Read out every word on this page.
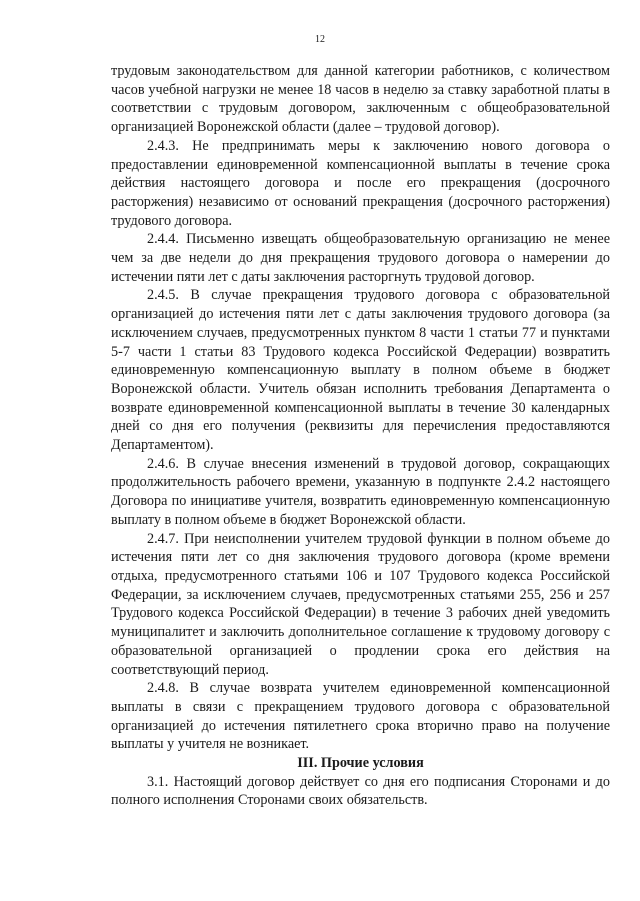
12

трудовым законодательством для данной категории работников, с количеством часов учебной нагрузки не менее 18 часов в неделю за ставку заработной платы в соответствии с трудовым договором, заключенным с общеобразовательной организацией Воронежской области (далее – трудовой договор).

2.4.3. Не предпринимать меры к заключению нового договора о предоставлении единовременной компенсационной выплаты в течение срока действия настоящего договора и после его прекращения (досрочного расторжения) независимо от оснований прекращения (досрочного расторжения) трудового договора.

2.4.4. Письменно извещать общеобразовательную организацию не менее чем за две недели до дня прекращения трудового договора о намерении до истечении пяти лет с даты заключения расторгнуть трудовой договор.

2.4.5. В случае прекращения трудового договора с образовательной организацией до истечения пяти лет с даты заключения трудового договора (за исключением случаев, предусмотренных пунктом 8 части 1 статьи 77 и пунктами 5-7 части 1 статьи 83 Трудового кодекса Российской Федерации) возвратить единовременную компенсационную выплату в полном объеме в бюджет Воронежской области. Учитель обязан исполнить требования Департамента о возврате единовременной компенсационной выплаты в течение 30 календарных дней со дня его получения (реквизиты для перечисления предоставляются Департаментом).

2.4.6. В случае внесения изменений в трудовой договор, сокращающих продолжительность рабочего времени, указанную в подпункте 2.4.2 настоящего Договора по инициативе учителя, возвратить единовременную компенсационную выплату в полном объеме в бюджет Воронежской области.

2.4.7. При неисполнении учителем трудовой функции в полном объеме до истечения пяти лет со дня заключения трудового договора (кроме времени отдыха, предусмотренного статьями 106 и 107 Трудового кодекса Российской Федерации, за исключением случаев, предусмотренных статьями 255, 256 и 257 Трудового кодекса Российской Федерации) в течение 3 рабочих дней уведомить муниципалитет и заключить дополнительное соглашение к трудовому договору с образовательной организацией о продлении срока его действия на соответствующий период.

2.4.8. В случае возврата учителем единовременной компенсационной выплаты в связи с прекращением трудового договора с образовательной организацией до истечения пятилетнего срока вторично право на получение выплаты у учителя не возникает.

III. Прочие условия

3.1. Настоящий договор действует со дня его подписания Сторонами и до полного исполнения Сторонами своих обязательств.
